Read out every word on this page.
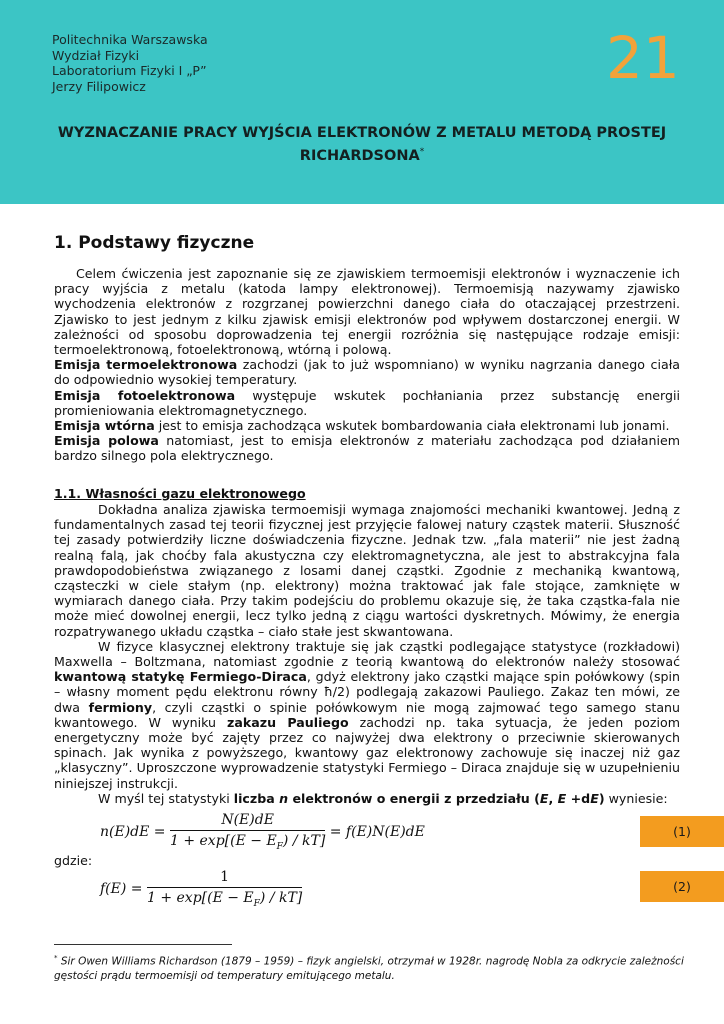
Politechnika Warszawska
Wydział Fizyki
Laboratorium Fizyki I „P”
Jerzy Filipowicz	21
WYZNACZANIE PRACY WYJŚCIA ELEKTRONÓW Z METALU METODĄ PROSTEJ
RICHARDSONA*
1. Podstawy fizyczne

Celem ćwiczenia jest zapoznanie się ze zjawiskiem termoemisji elektronów i wyznaczenie ich pracy wyjścia z metalu (katoda lampy elektronowej). Termoemisją nazywamy zjawisko wychodzenia elektronów z rozgrzanej powierzchni danego ciała do otaczającej przestrzeni. Zjawisko to jest jednym z kilku zjawisk emisji elektronów pod wpływem dostarczonej energii. W zależności od sposobu doprowadzenia tej energii rozróżnia się następujące rodzaje emisji: termoelektronową, fotoelektronową, wtórną i polową.

Emisja termoelektronowa zachodzi (jak to już wspomniano) w wyniku nagrzania danego ciała do odpowiednio wysokiej temperatury.

Emisja fotoelektronowa występuje wskutek pochłaniania przez substancję energii promieniowania elektromagnetycznego.

Emisja wtórna jest to emisja zachodząca wskutek bombardowania ciała elektronami lub jonami.

Emisja polowa natomiast, jest to emisja elektronów z materiału zachodząca pod działaniem bardzo silnego pola elektrycznego.

1.1. Własności gazu elektronowego

Dokładna analiza zjawiska termoemisji wymaga znajomości mechaniki kwantowej. Jedną z fundamentalnych zasad tej teorii fizycznej jest przyjęcie falowej natury cząstek materii. Słuszność tej zasady potwierdziły liczne doświadczenia fizyczne. Jednak tzw. „fala materii” nie jest żadną realną falą, jak choćby fala akustyczna czy elektromagnetyczna, ale jest to abstrakcyjna fala prawdopodobieństwa związanego z losami danej cząstki. Zgodnie z mechaniką kwantową, cząsteczki w ciele stałym (np. elektrony) można traktować jak fale stojące, zamknięte w wymiarach danego ciała. Przy takim podejściu do problemu okazuje się, że taka cząstka-fala nie może mieć dowolnej energii, lecz tylko jedną z ciągu wartości dyskretnych. Mówimy, że energia rozpatrywanego układu cząstka – ciało stałe jest skwantowana.

W fizyce klasycznej elektrony traktuje się jak cząstki podlegające statystyce (rozkładowi) Maxwella – Boltzmana, natomiast zgodnie z teorią kwantową do elektronów należy stosować kwantową statykę Fermiego-Diraca, gdyż elektrony jako cząstki mające spin połówkowy (spin – własny moment pędu elektronu równy ħ/2) podlegają zakazowi Pauliego. Zakaz ten mówi, ze dwa fermiony, czyli cząstki o spinie połówkowym nie mogą zajmować tego samego stanu kwantowego. W wyniku zakazu Pauliego zachodzi np. taka sytuacja, że jeden poziom energetyczny może być zajęty przez co najwyżej dwa elektrony o przeciwnie skierowanych spinach. Jak wynika z powyższego, kwantowy gaz elektronowy zachowuje się inaczej niż gaz „klasyczny”. Uproszczone wyprowadzenie statystyki Fermiego – Diraca znajduje się w uzupełnieniu niniejszej instrukcji.

W myśl tej statystyki liczba n elektronów o energii z przedziału (E, E +dE) wyniesie:

$n(E)dE = \frac{N(E)dE}{1 + \exp[(E - E_F) / kT]} = f(E)N(E)dE$	(1)
gdzie:
$f(E) = \frac{1}{1 + \exp[(E - E_F) / kT]}$	(2)
* Sir Owen Williams Richardson (1879 – 1959) – fizyk angielski, otrzymał w 1928r. nagrodę Nobla za odkrycie zależności gęstości prądu termoemisji od temperatury emitującego metalu.
